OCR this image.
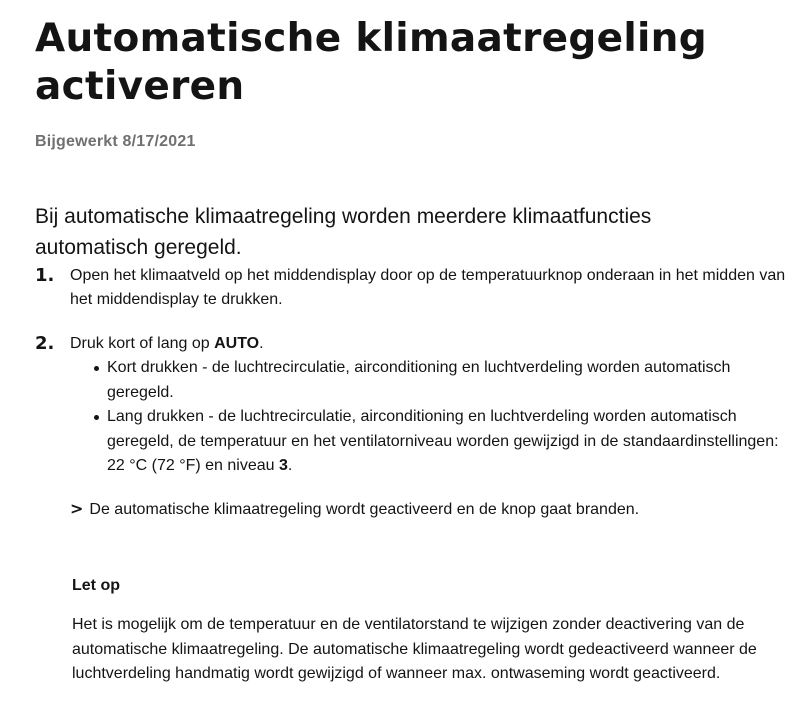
Automatische klimaatregeling activeren
Bijgewerkt 8/17/2021

Bij automatische klimaatregeling worden meerdere klimaatfuncties automatisch geregeld.

1. Open het klimaatveld op het middendisplay door op de temperatuurknop onderaan in het midden van het middendisplay te drukken.
2. Druk kort of lang op AUTO.
Kort drukken - de luchtrecirculatie, airconditioning en luchtverdeling worden automatisch geregeld.
Lang drukken - de luchtrecirculatie, airconditioning en luchtverdeling worden automatisch geregeld, de temperatuur en het ventilatorniveau worden gewijzigd in de standaardinstellingen: 22 °C (72 °F) en niveau 3.
> De automatische klimaatregeling wordt geactiveerd en de knop gaat branden.
Let op
Het is mogelijk om de temperatuur en de ventilatorstand te wijzigen zonder deactivering van de automatische klimaatregeling. De automatische klimaatregeling wordt gedeactiveerd wanneer de luchtverdeling handmatig wordt gewijzigd of wanneer max. ontwaseming wordt geactiveerd.
